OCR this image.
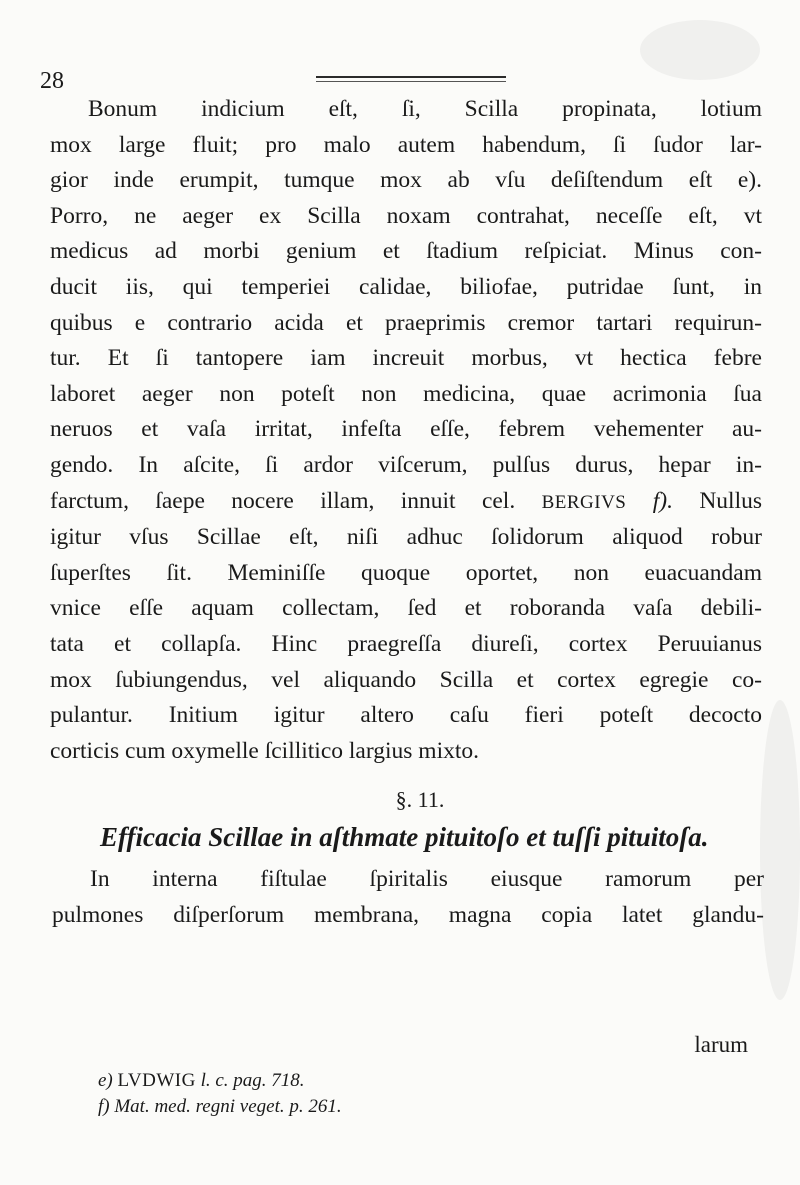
28
Bonum indicium eſt, ſi, Scilla propinata, lotium
mox large fluit; pro malo autem habendum, ſi ſudor lar-
gior inde erumpit, tumque mox ab vſu deſiſtendum eſt e).
Porro, ne aeger ex Scilla noxam contrahat, neceſſe eſt, vt
medicus ad morbi genium et ſtadium reſpiciat. Minus con-
ducit iis, qui temperiei calidae, biliofae, putridae ſunt, in
quibus e contrario acida et praeprimis cremor tartari requirun-
tur. Et ſi tantopere iam increuit morbus, vt hectica febre
laboret aeger non poteſt non medicina, quae acrimonia ſua
neruos et vaſa irritat, infeſta eſſe, febrem vehementer au-
gendo. In aſcite, ſi ardor viſcerum, pulſus durus, hepar in-
farctum, ſaepe nocere illam, innuit cel. BERGIVS f). Nullus
igitur vſus Scillae eſt, niſi adhuc ſolidorum aliquod robur
ſuperſtes ſit. Meminiſſe quoque oportet, non euacuandam
vnice eſſe aquam collectam, ſed et roboranda vaſa debili-
tata et collapſa. Hinc praegreſſa diureſi, cortex Peruuianus
mox ſubiungendus, vel aliquando Scilla et cortex egregie co-
pulantur. Initium igitur altero caſu fieri poteſt decocto
corticis cum oxymelle ſcillitico largius mixto.
§. 11.
Efficacia Scillae in aſthmate pituitoſo et tuſſi pituitoſa.
In interna fiſtulae ſpiritalis eiusque ramorum per
pulmones diſperſorum membrana, magna copia latet glandu-
larum
e) LVDWIG l. c. pag. 718.
f) Mat. med. regni veget. p. 261.
